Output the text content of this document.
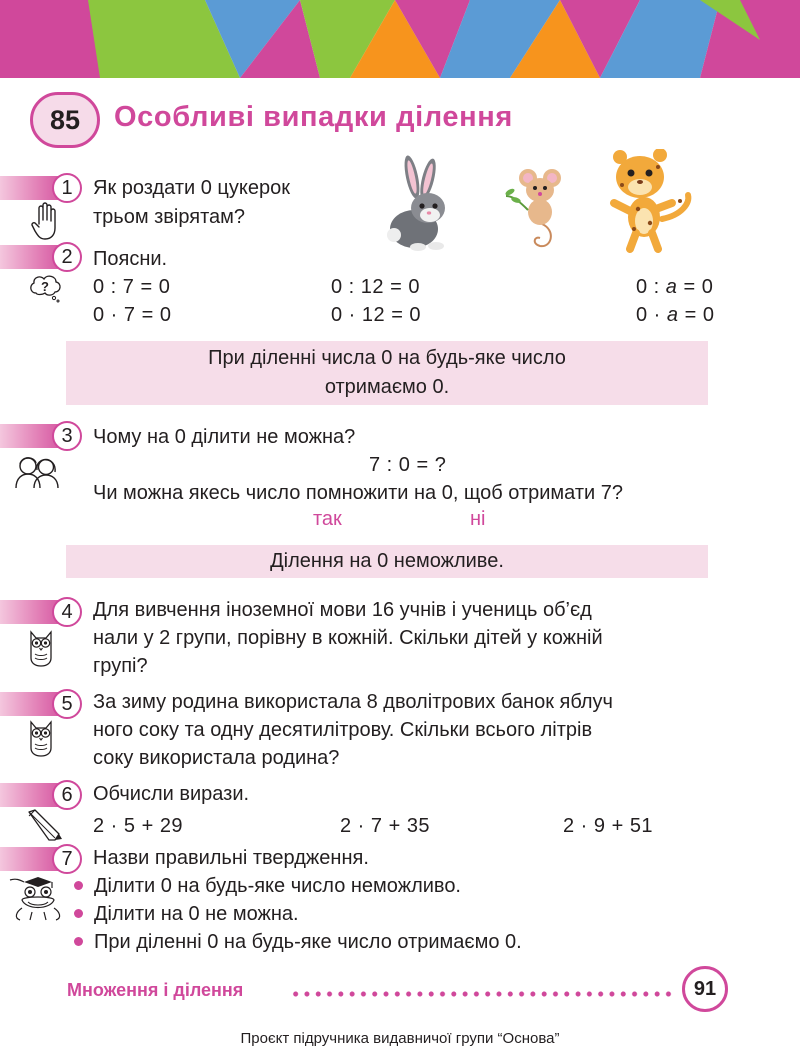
85 Особливі випадки ділення
1	Як роздати 0 цукерок
трьом звірятам?
2	Поясни.
? 0 : 7 = 0	0 : 12 = 0	0 : a = 0
0 · 7 = 0	0 · 12 = 0	0 · a = 0
При діленні числа 0 на будь-яке число
отримаємо 0.
3	Чому на 0 ділити не можна?
7 : 0 = ?
Чи можна якесь число помножити на 0, щоб отримати 7?
так	ні
Ділення на 0 неможливе.
4	Для вивчення іноземної мови 16 учнів і учениць об’єд
нали у 2 групи, порівну в кожній. Скільки дітей у кожній
групі?
5	За зиму родина використала 8 дволітрових банок яблуч
ного соку та одну десятилітрову. Скільки всього літрів
соку використала родина?
6	Обчисли вирази.
2 · 5 + 29	2 · 7 + 35	2 · 9 + 51
7	Назви правильні твердження.
Ділити 0 на будь-яке число неможливо.
Ділити на 0 не можна.
При діленні 0 на будь-яке число отримаємо 0.
Множення і ділення	91
Проєкт підручника видавничої групи “Основа”
